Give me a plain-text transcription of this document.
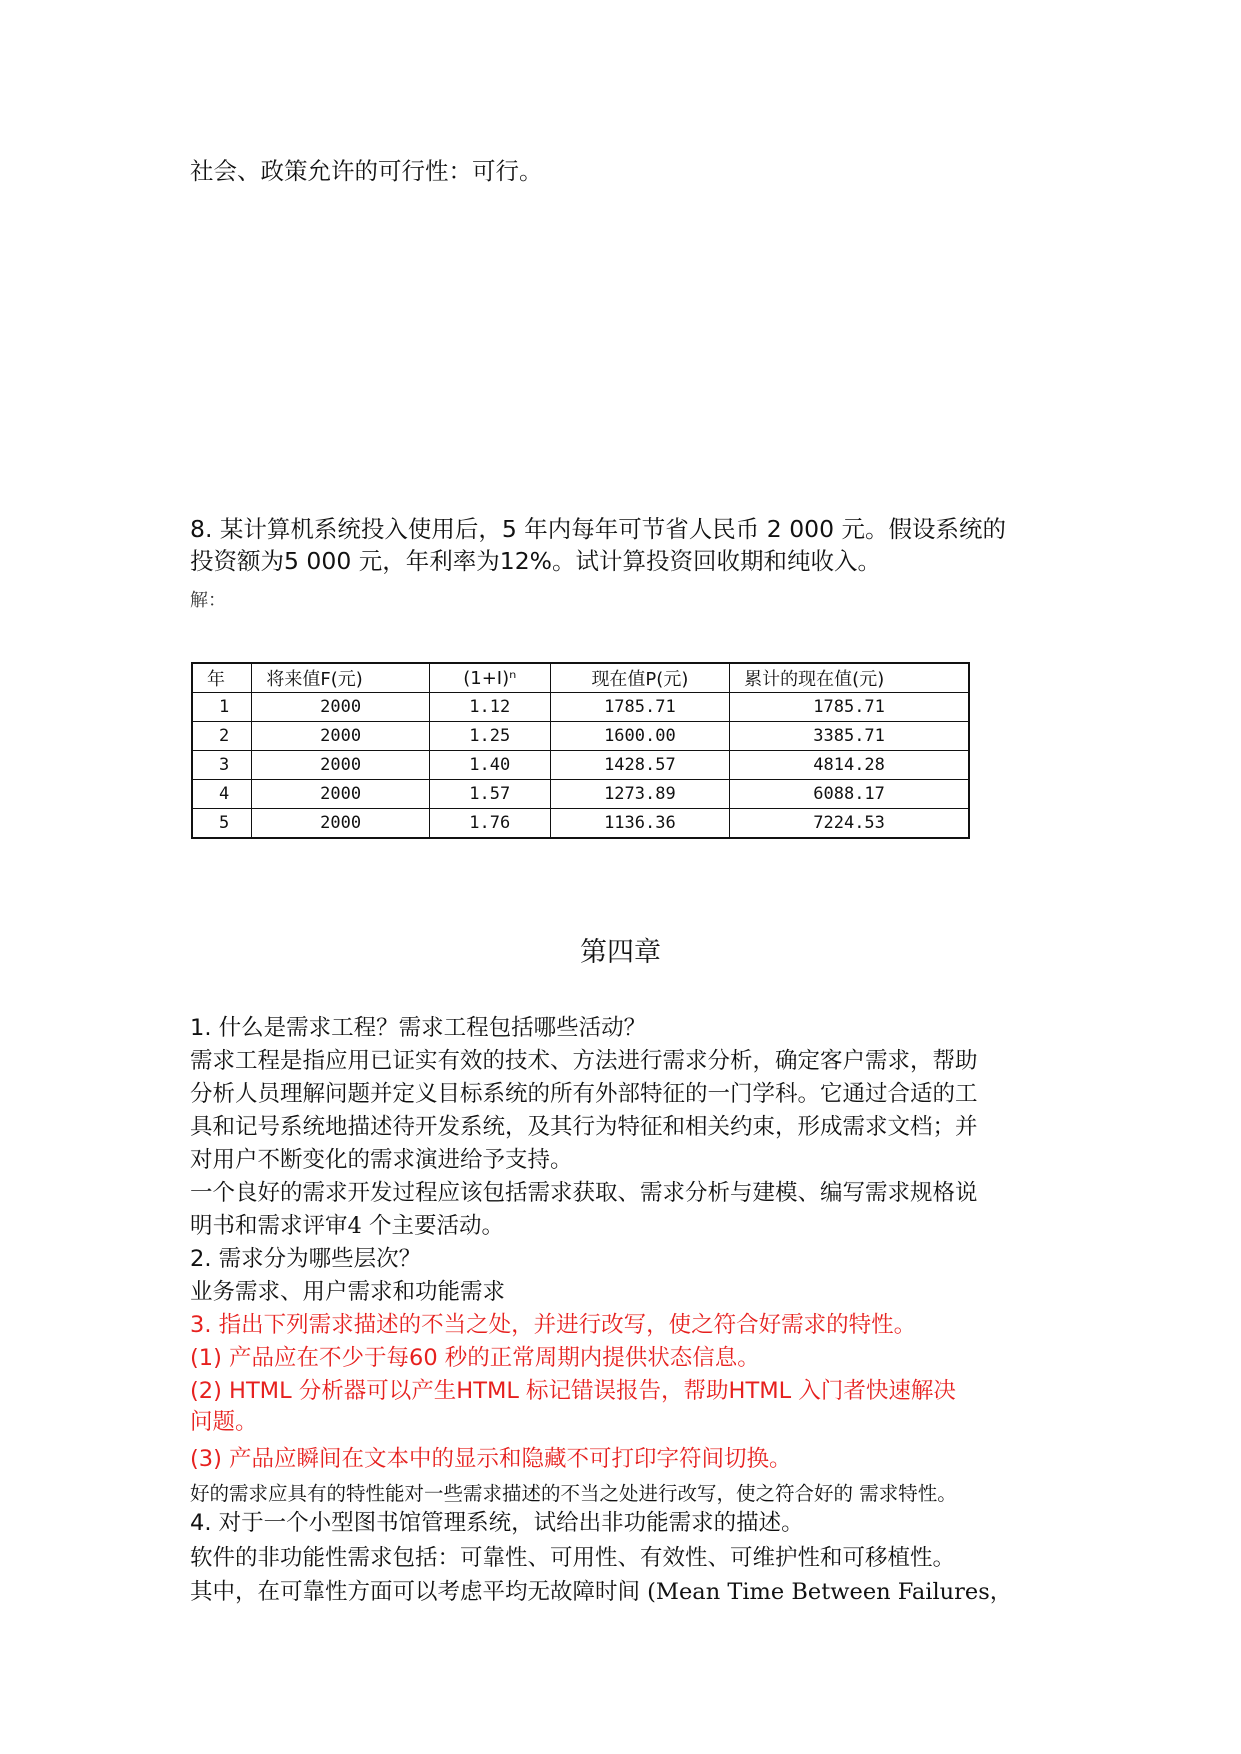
社会、政策允许的可行性：可行。
8. 某计算机系统投入使用后，5 年内每年可节省人民币 2 000 元。假设系统的
投资额为5 000 元，年利率为12%。试计算投资回收期和纯收入。
解：
年	将来值F(元)	(1+I)ⁿ	现在值P(元)	累计的现在值(元)
1	2000	1.12	1785.71	1785.71
2	2000	1.25	1600.00	3385.71
3	2000	1.40	1428.57	4814.28
4	2000	1.57	1273.89	6088.17
5	2000	1.76	1136.36	7224.53
第四章
1. 什么是需求工程？需求工程包括哪些活动？
需求工程是指应用已证实有效的技术、方法进行需求分析，确定客户需求，帮助
分析人员理解问题并定义目标系统的所有外部特征的一门学科。它通过合适的工
具和记号系统地描述待开发系统，及其行为特征和相关约束，形成需求文档；并
对用户不断变化的需求演进给予支持。
一个良好的需求开发过程应该包括需求获取、需求分析与建模、编写需求规格说
明书和需求评审4 个主要活动。
2. 需求分为哪些层次？
业务需求、用户需求和功能需求
3. 指出下列需求描述的不当之处，并进行改写，使之符合好需求的特性。
(1) 产品应在不少于每60 秒的正常周期内提供状态信息。
(2) HTML 分析器可以产生HTML 标记错误报告，帮助HTML 入门者快速解决
问题。
(3) 产品应瞬间在文本中的显示和隐藏不可打印字符间切换。
好的需求应具有的特性能对一些需求描述的不当之处进行改写，使之符合好的 需求特性。
4. 对于一个小型图书馆管理系统，试给出非功能需求的描述。
软件的非功能性需求包括：可靠性、可用性、有效性、可维护性和可移植性。
其中，在可靠性方面可以考虑平均无故障时间 (Mean Time Between Failures，
